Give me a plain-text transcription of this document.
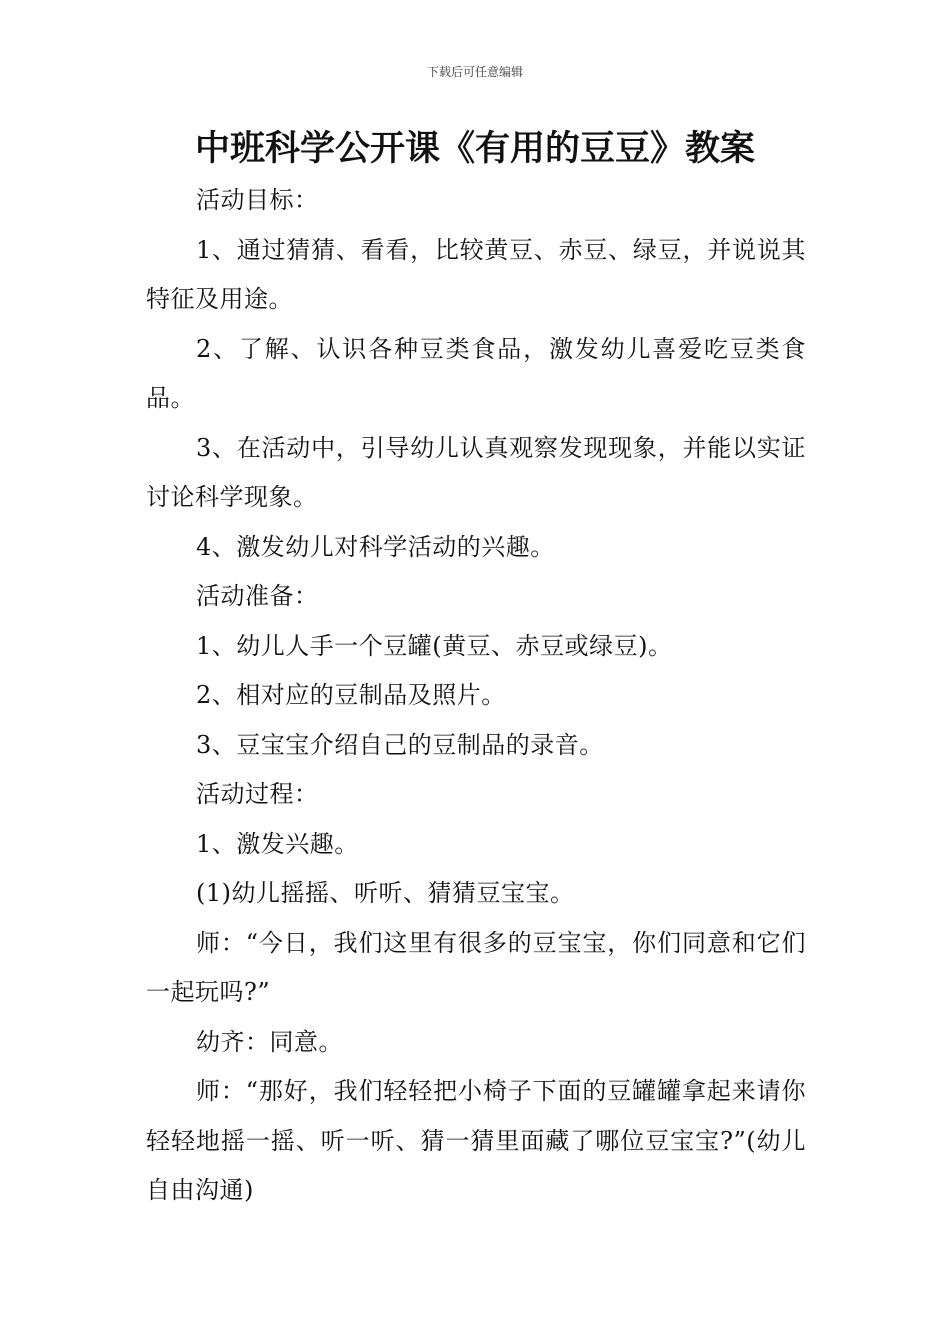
下载后可任意编辑
中班科学公开课《有用的豆豆》教案

活动目标：

1、通过猜猜、看看，比较黄豆、赤豆、绿豆，并说说其特征及用途。

2、了解、认识各种豆类食品，激发幼儿喜爱吃豆类食品。

3、在活动中，引导幼儿认真观察发现现象，并能以实证讨论科学现象。

4、激发幼儿对科学活动的兴趣。

活动准备：

1、幼儿人手一个豆罐(黄豆、赤豆或绿豆)。

2、相对应的豆制品及照片。

3、豆宝宝介绍自己的豆制品的录音。

活动过程：

1、激发兴趣。

(1)幼儿摇摇、听听、猜猜豆宝宝。

师：“今日，我们这里有很多的豆宝宝，你们同意和它们一起玩吗?”

幼齐：同意。

师：“那好，我们轻轻把小椅子下面的豆罐罐拿起来请你轻轻地摇一摇、听一听、猜一猜里面藏了哪位豆宝宝?”(幼儿自由沟通)
